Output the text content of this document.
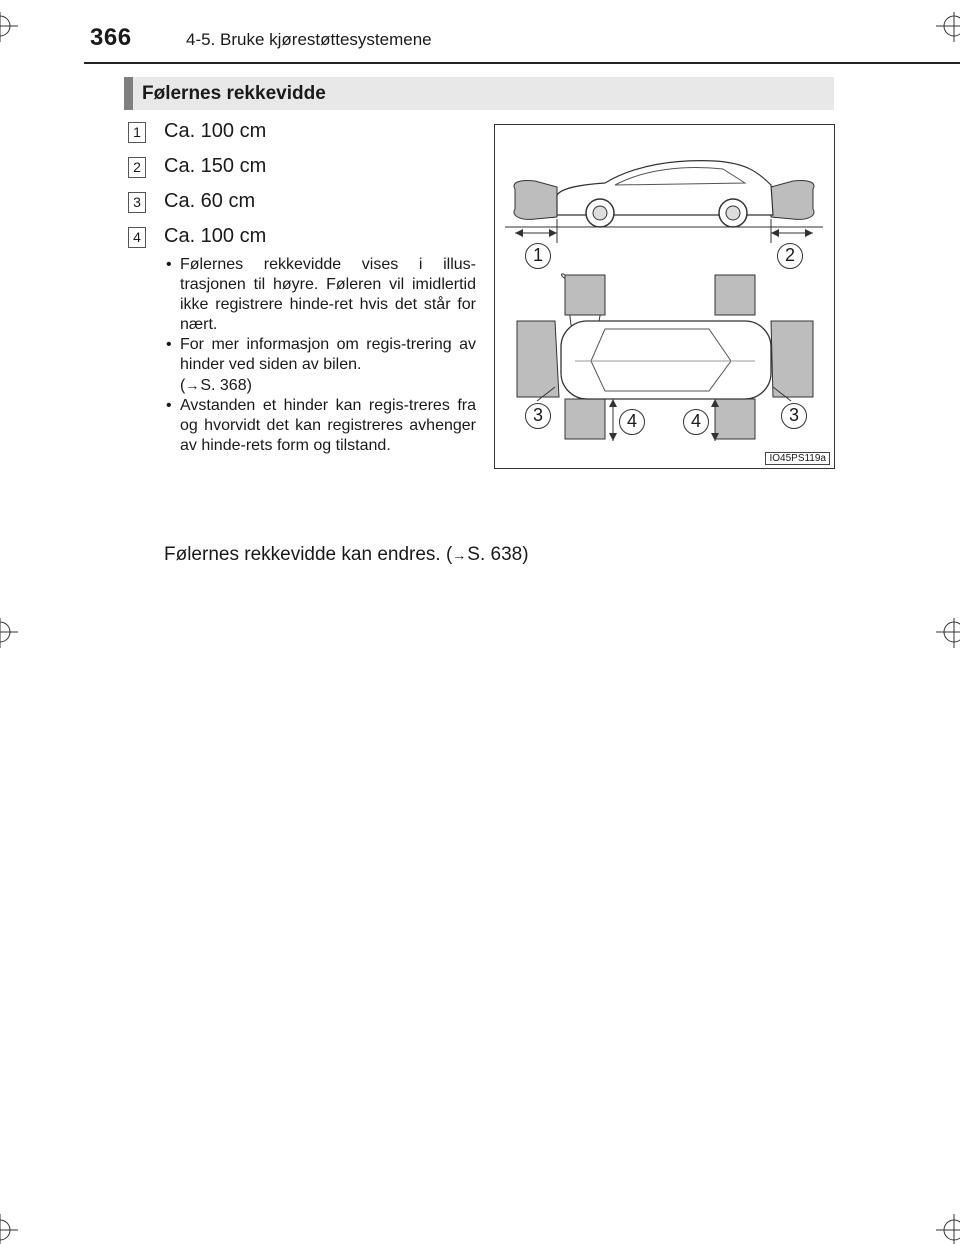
366	4-5. Bruke kjørestøttesystemene
Følernes rekkevidde
1 Ca. 100 cm
2 Ca. 150 cm
3 Ca. 60 cm
4 Ca. 100 cm
• Følernes rekkevidde vises i illus-trasjonen til høyre. Føleren vil imidlertid ikke registrere hinde-ret hvis det står for nært.
• For mer informasjon om regis-trering av hinder ved siden av bilen.
(→S. 368)
• Avstanden et hinder kan regis-treres fra og hvorvidt det kan registreres avhenger av hinde-rets form og tilstand.
Følernes rekkevidde kan endres. (→S. 638)
1	2
3	4	4	3
IO45PS119a
